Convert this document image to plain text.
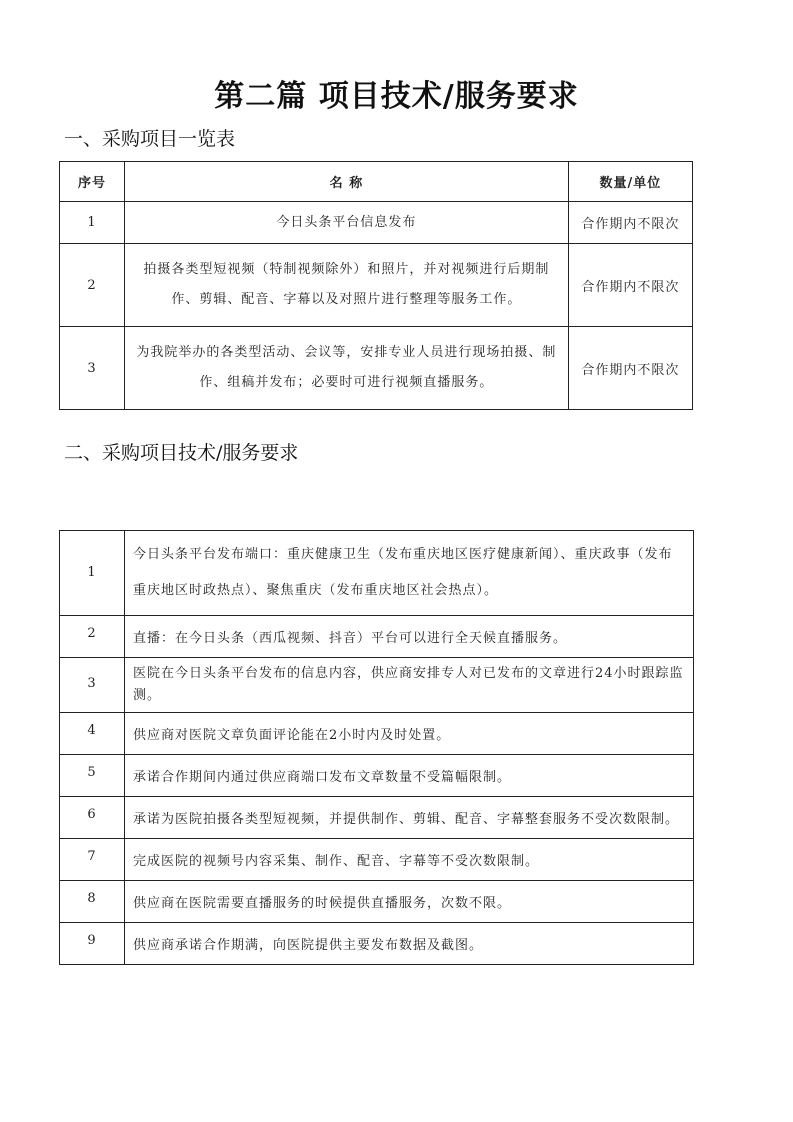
第二篇 项目技术/服务要求
一、采购项目一览表
序号	名 称	数量/单位
1	今日头条平台信息发布	合作期内不限次
2	拍摄各类型短视频（特制视频除外）和照片，并对视频进行后期制作、剪辑、配音、字幕以及对照片进行整理等服务工作。	合作期内不限次
3	为我院举办的各类型活动、会议等，安排专业人员进行现场拍摄、制作、组稿并发布；必要时可进行视频直播服务。	合作期内不限次
二、采购项目技术/服务要求
1	今日头条平台发布端口：重庆健康卫生（发布重庆地区医疗健康新闻）、重庆政事（发布重庆地区时政热点）、聚焦重庆（发布重庆地区社会热点）。

2	直播：在今日头条（西瓜视频、抖音）平台可以进行全天候直播服务。

3	医院在今日头条平台发布的信息内容，供应商安排专人对已发布的文章进行24小时跟踪监测。

4	供应商对医院文章负面评论能在2小时内及时处置。

5	承诺合作期间内通过供应商端口发布文章数量不受篇幅限制。

6	承诺为医院拍摄各类型短视频，并提供制作、剪辑、配音、字幕整套服务不受次数限制。

7	完成医院的视频号内容采集、制作、配音、字幕等不受次数限制。

8	供应商在医院需要直播服务的时候提供直播服务，次数不限。

9	供应商承诺合作期满，向医院提供主要发布数据及截图。
